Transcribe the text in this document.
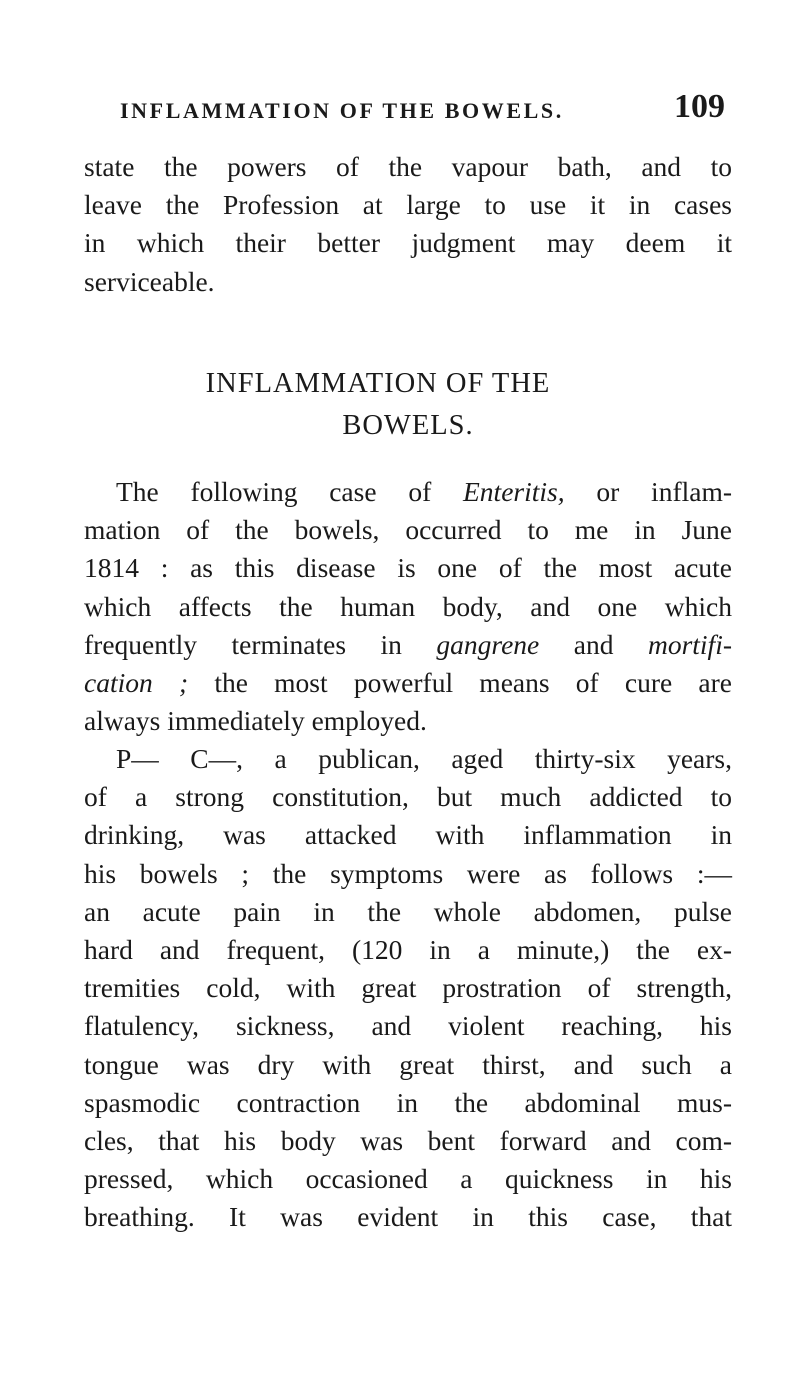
INFLAMMATION OF THE BOWELS.	109
state the powers of the vapour bath, and to
leave the Profession at large to use it in cases
in which their better judgment may deem it
serviceable.
INFLAMMATION OF THE
BOWELS.
The following case of Enteritis, or inflam-
mation of the bowels, occurred to me in June
1814 : as this disease is one of the most acute
which affects the human body, and one which
frequently terminates in gangrene and mortifi-
cation ; the most powerful means of cure are
always immediately employed.
P— C—, a publican, aged thirty-six years,
of a strong constitution, but much addicted to
drinking, was attacked with inflammation in
his bowels ; the symptoms were as follows :—
an acute pain in the whole abdomen, pulse
hard and frequent, (120 in a minute,) the ex-
tremities cold, with great prostration of strength,
flatulency, sickness, and violent reaching, his
tongue was dry with great thirst, and such a
spasmodic contraction in the abdominal mus-
cles, that his body was bent forward and com-
pressed, which occasioned a quickness in his
breathing. It was evident in this case, that
